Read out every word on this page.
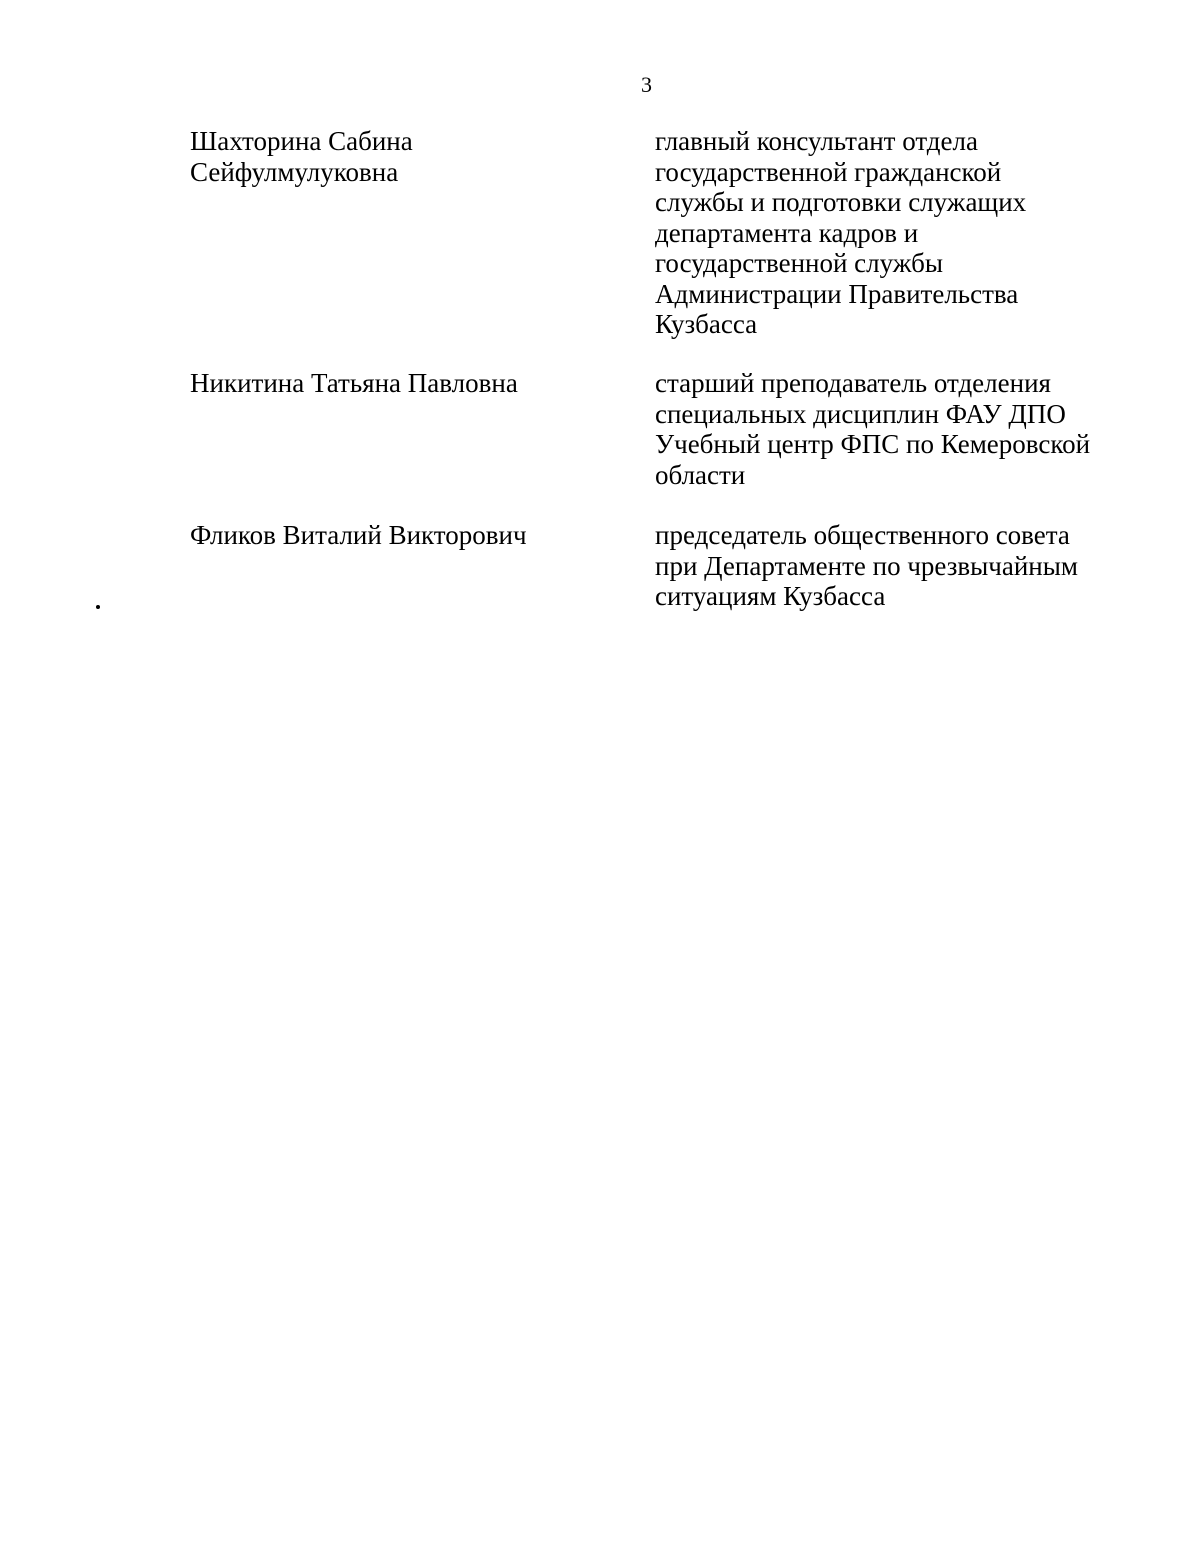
3
Шахторина Сабина
Сейфулмулуковна
главный консультант отдела
государственной гражданской
службы и подготовки служащих
департамента кадров и
государственной службы
Администрации Правительства
Кузбасса
Никитина Татьяна Павловна	старший преподаватель отделения
специальных дисциплин ФАУ ДПО
Учебный центр ФПС по Кемеровской
области
Фликов Виталий Викторович	председатель общественного совета
при Департаменте по чрезвычайным
ситуациям Кузбасса
